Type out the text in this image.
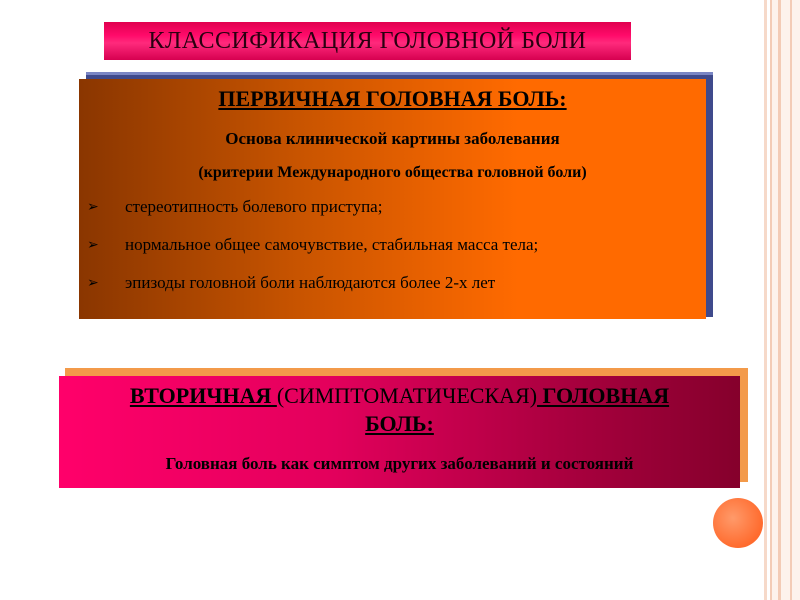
КЛАССИФИКАЦИЯ ГОЛОВНОЙ БОЛИ
ПЕРВИЧНАЯ ГОЛОВНАЯ БОЛЬ:
Основа клинической картины заболевания
(критерии Международного общества головной боли)
➢ стереотипность болевого приступа;
➢ нормальное общее самочувствие, стабильная масса тела;
➢ эпизоды головной боли наблюдаются более 2-х лет
ВТОРИЧНАЯ (СИМПТОМАТИЧЕСКАЯ) ГОЛОВНАЯ
БОЛЬ:
Головная боль как симптом других заболеваний и состояний
